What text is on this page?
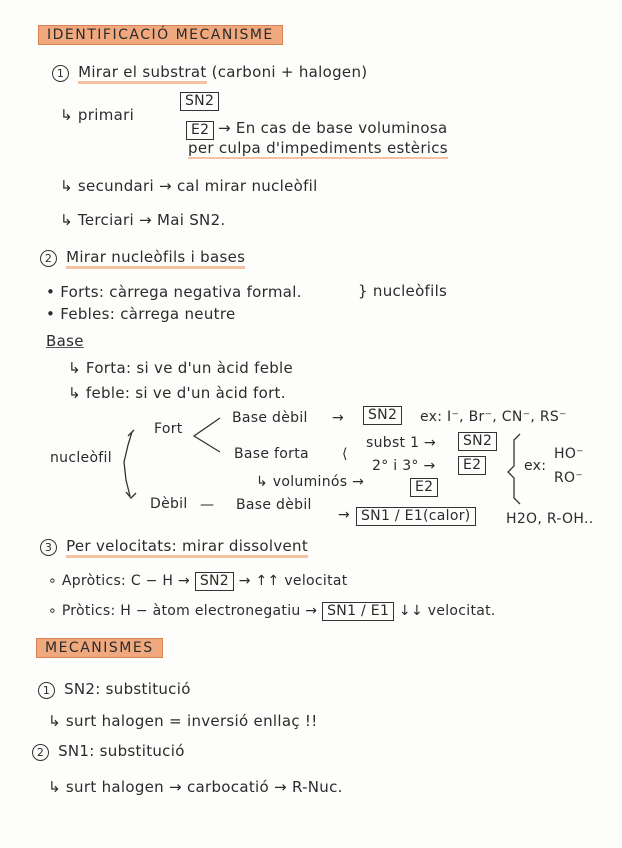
IDENTIFICACIÓ MECANISME
1 Mirar el substrat (carboni + halogen)
↳ primari
SN2
E2 → En cas de base voluminosa
per culpa d'impediments estèrics
↳ secundari → cal mirar nucleòfil
↳ Terciari → Mai SN2.
2 Mirar nucleòfils i bases
• Forts: càrrega negativa formal.
• Febles: càrrega neutre
} nucleòfils
Base
↳ Forta: si ve d'un àcid feble
↳ feble: si ve d'un àcid fort.
nucleòfil
Fort
Dèbil
Base dèbil →	SN2	ex: I⁻, Br⁻, CN⁻, RS⁻
Base forta ⟨
subst 1 →	SN2
2° i 3° →	E2
↳ voluminós →	E2
ex:
HO⁻
RO⁻
— Base dèbil
→ SN1 / E1(calor)	H2O, R-OH..
3 Per velocitats: mirar dissolvent
∘ Apròtics: C − H → SN2 → ↑↑ velocitat
∘ Pròtics: H − àtom electronegatiu → SN1 / E1 ↓↓ velocitat.
MECANISMES
1 SN2: substitució
↳ surt halogen = inversió enllaç !!
2 SN1: substitució
↳ surt halogen → carbocatió → R-Nuc.
